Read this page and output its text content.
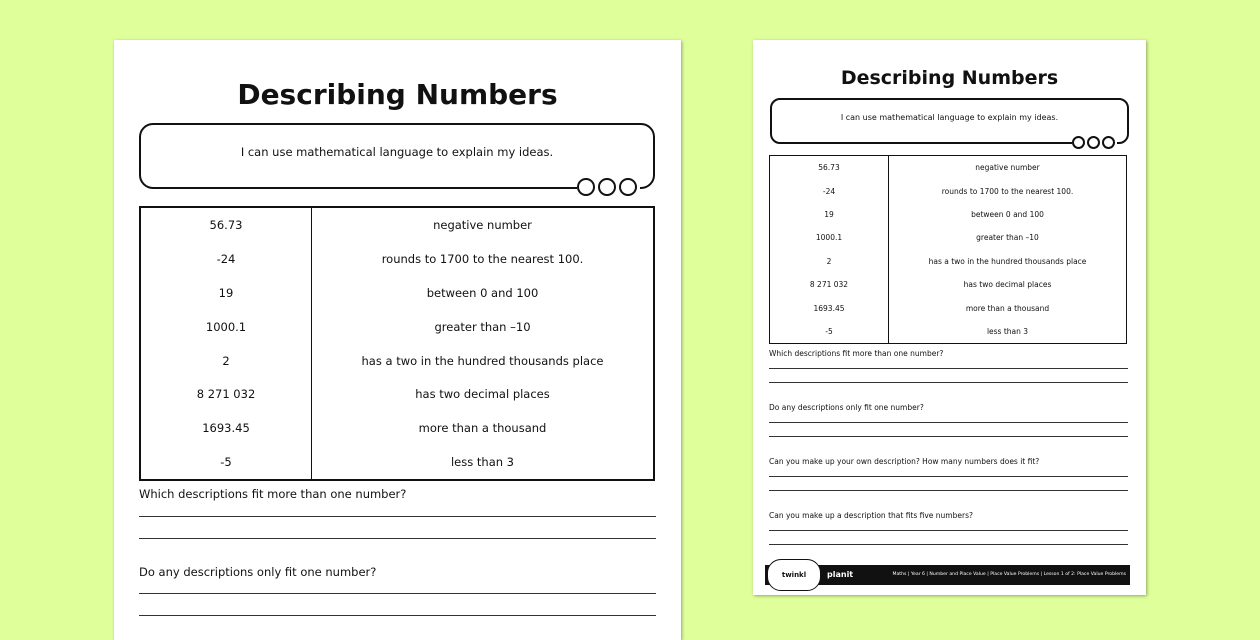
Describing Numbers
I can use mathematical language to explain my ideas.
56.73	negative number
-24	rounds to 1700 to the nearest 100.
19	between 0 and 100
1000.1	greater than –10
2	has a two in the hundred thousands place
8 271 032	has two decimal places
1693.45	more than a thousand
-5	less than 3
Which descriptions fit more than one number?
Do any descriptions only fit one number?
Describing Numbers
I can use mathematical language to explain my ideas.
56.73	negative number
-24	rounds to 1700 to the nearest 100.
19	between 0 and 100
1000.1	greater than –10
2	has a two in the hundred thousands place
8 271 032	has two decimal places
1693.45	more than a thousand
-5	less than 3
Which descriptions fit more than one number?
Do any descriptions only fit one number?
Can you make up your own description? How many numbers does it fit?
Can you make up a description that fits five numbers?
twinkl	planit	Maths | Year 6 | Number and Place Value | Place Value Problems | Lesson 1 of 2: Place Value Problems
